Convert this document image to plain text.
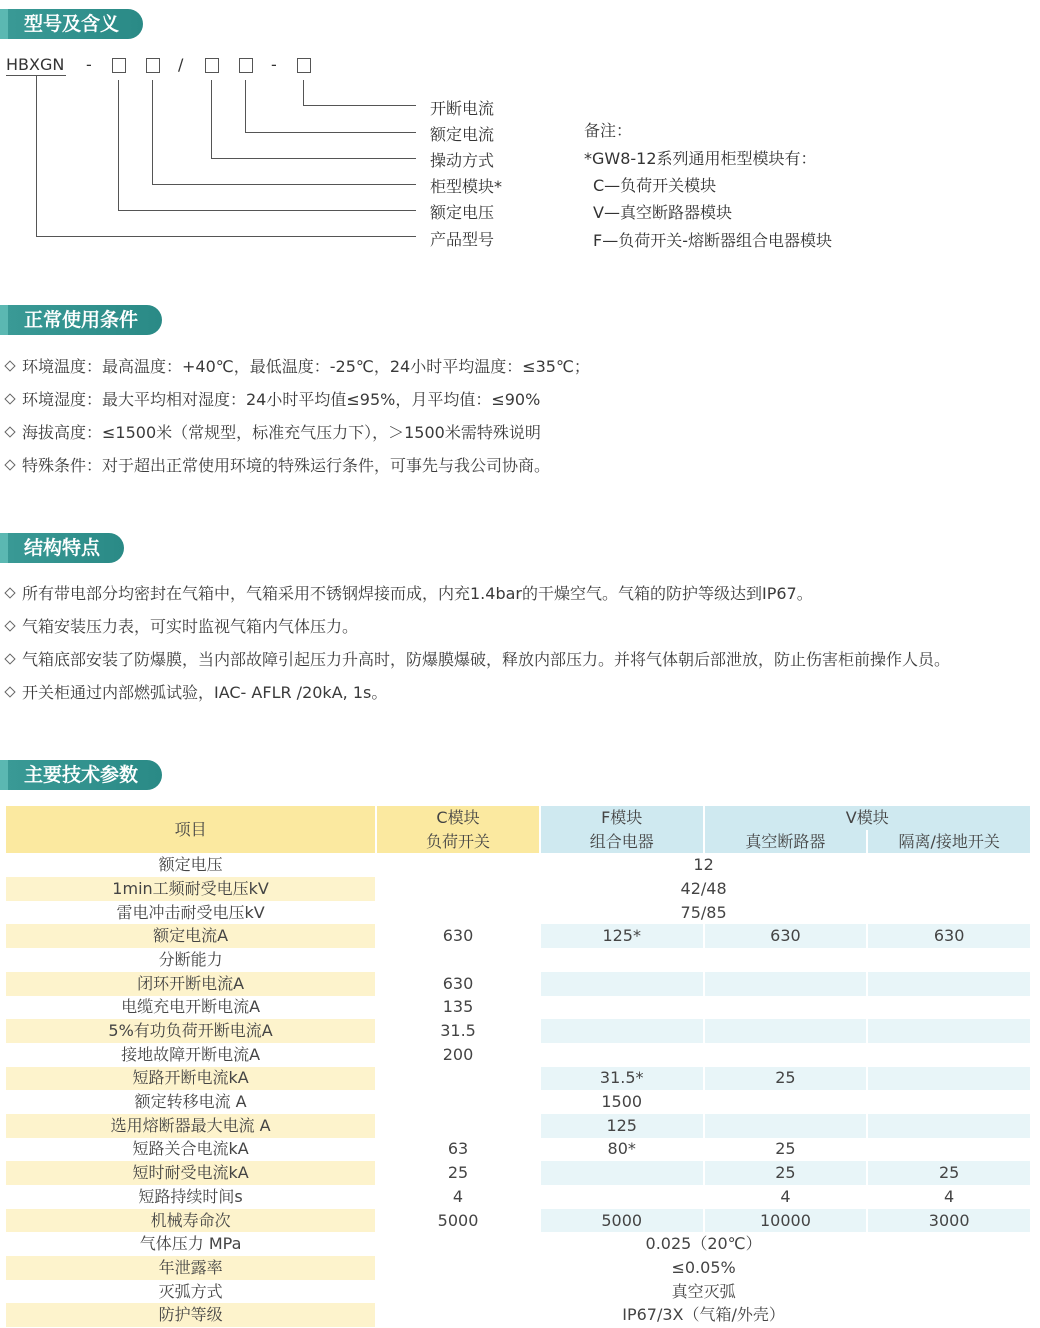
型号及含义
HBXGN -	/	-
开断电流
额定电流
操动方式
柜型模块*
额定电压
产品型号
备注：
*GW8-12系列通用柜型模块有：
C—负荷开关模块
V—真空断路器模块
F—负荷开关-熔断器组合电器模块
正常使用条件
环境温度：最高温度：+40℃，最低温度：-25℃，24小时平均温度：≤35℃；
环境湿度：最大平均相对湿度：24小时平均值≤95%，月平均值：≤90%
海拔高度：≤1500米（常规型，标准充气压力下），＞1500米需特殊说明
特殊条件：对于超出正常使用环境的特殊运行条件，可事先与我公司协商。
结构特点
所有带电部分均密封在气箱中，气箱采用不锈钢焊接而成，内充1.4bar的干燥空气。气箱的防护等级达到IP67。
气箱安装压力表，可实时监视气箱内气体压力。
气箱底部安装了防爆膜，当内部故障引起压力升高时，防爆膜爆破，释放内部压力。并将气体朝后部泄放，防止伤害柜前操作人员。
开关柜通过内部燃弧试验，IAC- AFLR /20kA, 1s。
主要技术参数
项目	C模块	F模块	V模块	
	负荷开关	组合电器	真空断路器	隔离/接地开关
额定电压	12			
1min工频耐受电压kV	42/48			
雷电冲击耐受电压kV	75/85			
额定电流A	630	125*	630	630
分断能力				
闭环开断电流A	630			
电缆充电开断电流A	135			
5%有功负荷开断电流A	31.5			
接地故障开断电流A	200			
短路开断电流kA		31.5*	25	
额定转移电流 A		1500		
选用熔断器最大电流 A		125		
短路关合电流kA	63	80*	25	
短时耐受电流kA	25		25	25
短路持续时间s	4		4	4
机械寿命次	5000	5000	10000	3000
气体压力 MPa	0.025（20℃）			
年泄露率	≤0.05%			
灭弧方式	真空灭弧			
防护等级	IP67/3X（气箱/外壳）			
